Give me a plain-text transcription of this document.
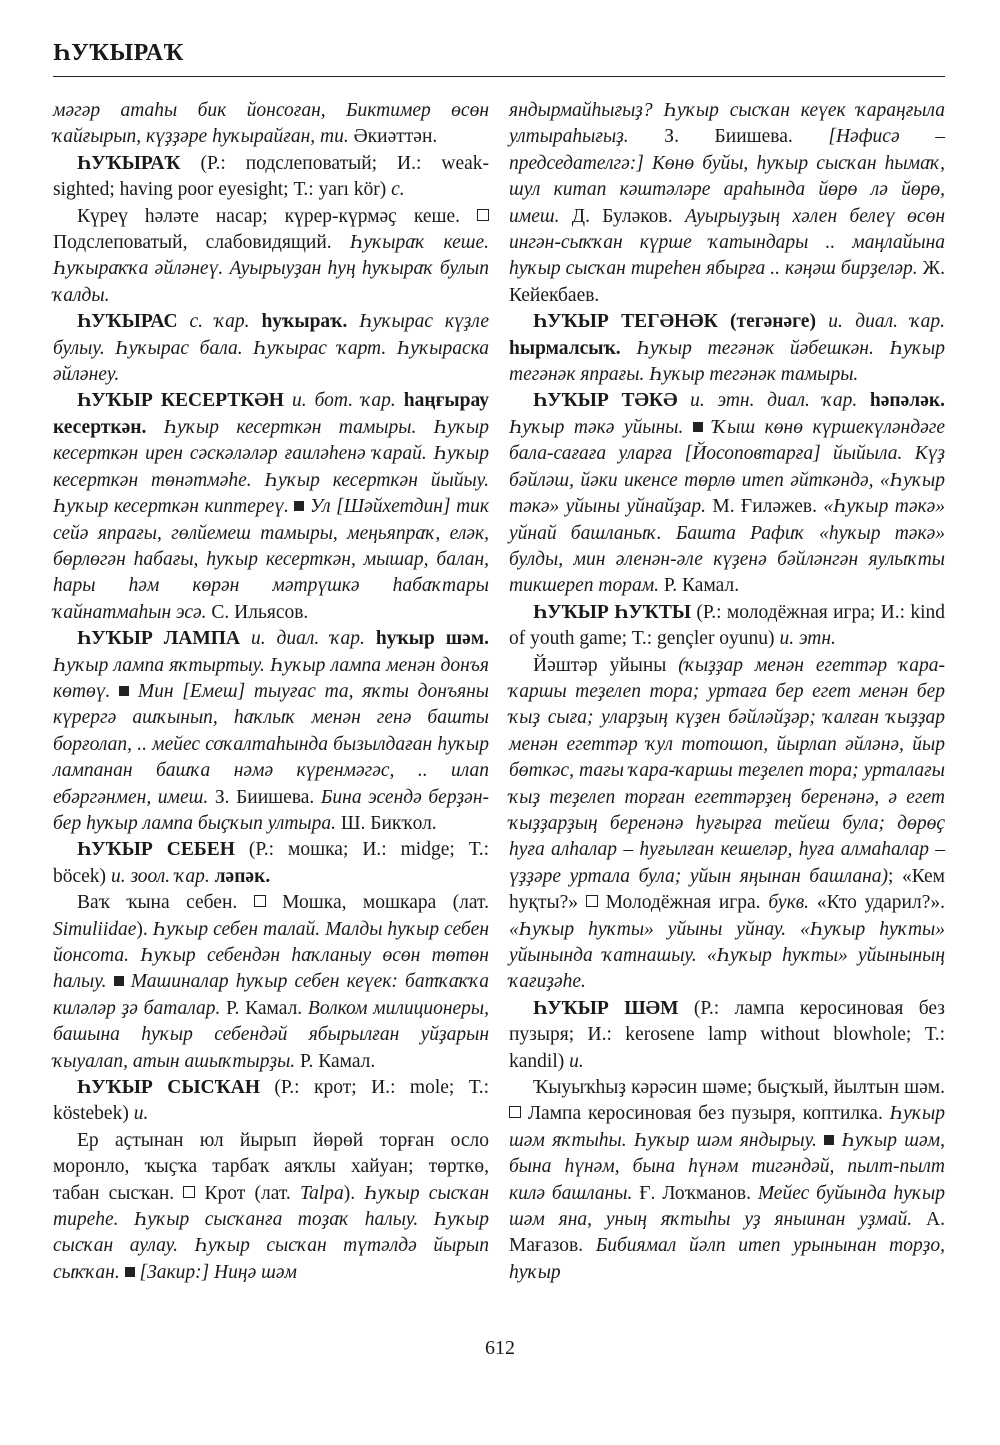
ҺУҠЫРАҠ

мәгәр атаһы бик йонсоған, Биктимер өсөн ҡайғырып, күҙҙәре һуҡырайған, ти. Әкиәттән.

ҺУҠЫРАҠ (Р.: подслеповатый; И.: weak-sighted; having poor eyesight; Т.: yarı kör) с.

Күреү һәләте насар; күрер-күрмәҫ кеше.  Подслеповатый, слабовидящий. Һуҡыраҡ кеше. Һуҡыраҡҡа әйләнеү. Ауырыуҙан һуң һуҡыраҡ булып ҡалды.

ҺУҠЫРАС с. ҡар. һуҡыраҡ. Һуҡырас күҙле булыу. Һуҡырас бала. Һуҡырас ҡарт. Һуҡыраска әйләнеу.

ҺУҠЫР КЕСЕРТКӘН и. бот. ҡар. һаңғырау кесерткән. Һуҡыр кесерткән тамыры. Һуҡыр кесерткән ирен сәскәләләр ғаиләһенә ҡарай. Һуҡыр кесерткән төнәтмәһе. Һуҡыр кесерткән йыйыу. Һуҡыр кесерткән киптереү. Ул [Шәйхетдин] тик сейә япрағы, гөлйемеш тамыры, меңьяпраҡ, еләк, бөрлөгән һабағы, һуҡыр кесерткән, мышар, балан, һары һәм көрән мәтрүшкә һабаҡтары ҡайнатмаһын эсә. С. Ильясов.

ҺУҠЫР ЛАМПА и. диал. ҡар. һуҡыр шәм. Һуҡыр лампа яҡтыртыу. Һуҡыр лампа менән донъя көтөү. Мин [Емеш] тыуғас та, яҡты донъяны күрергә ашҡынып, һаҡлыҡ менән генә башты борғолап, .. мейес соҡалтаһында бызылдаған һуҡыр лампанан башҡа нәмә күренмәгәс, .. илап ебәргәнмен, имеш. З. Биишева. Бина эсендә берҙән-бер һуҡыр лампа быҫҡып ултыра. Ш. Бикҡол.

ҺУҠЫР СЕБЕН (Р.: мошка; И.: midge; Т.: böcek) и. зоол. ҡар. ләпәк.

Ваҡ ҡына себен.  Мошка, мошкара (лат. Simuliidae). Һуҡыр себен талай. Малды һуҡыр себен йонсота. Һуҡыр себендән һаҡланыу өсөн төтөн һалыу. Машиналар һуҡыр себен кеүек: батҡаҡҡа киләләр ҙә баталар. Р. Камал. Волком милиционеры, башына һуҡыр себендәй ябырылған уйҙарын ҡыуалап, атын ашыҡтырҙы. Р. Камал.

ҺУҠЫР СЫСҠАН (Р.: крот; И.: mole; Т.: köstebek) и.

Ер аҫтынан юл йырып йөрөй торған осло моронло, ҡыҫҡа тарбаҡ аяҡлы хайуан; төрткө, табан сысҡан.  Крот (лат. Talpa). Һуҡыр сысҡан тиреһе. Һуҡыр сысҡанға тоҙаҡ һалыу. Һуҡыр сысҡан аулау. Һуҡыр сысҡан түтәлдә йырып сыҡҡан. [Закир:] Ниңә шәм

яндырмайһығыҙ? Һуҡыр сысҡан кеүек ҡараңғыла ултыраһығыҙ. З. Биишева. [Нәфисә – председателгә:] Көнө буйы, һуҡыр сысҡан һымаҡ, шул китап кәштәләре араһында йөрө лә йөрө, имеш. Д. Буләков. Ауырыуҙың хәлен белеү өсөн ингән-сыҡҡан күрше ҡатындары .. маңлайына һуҡыр сысҡан тиреһен ябырға .. кәңәш бирҙеләр. Ж. Кейекбаев.

ҺУҠЫР ТЕГӘНӘК (тегәнәге) и. диал. ҡар. һырмалсыҡ. Һуҡыр тегәнәк йәбешкән. Һуҡыр тегәнәк япрағы. Һуҡыр тегәнәк тамыры.

ҺУҠЫР ТӘКӘ и. этн. диал. ҡар. һәпәләк. Һуҡыр тәкә уйыны. Ҡыш көнө күршекүләндәге бала-сағаға уларға [Йосоповтарға] йыйыла. Күҙ бәйләш, йәки икенсе төрлө итеп әйткәндә, «Һуҡыр тәкә» уйыны уйнайҙар. М. Ғиләжев. «Һуҡыр тәкә» уйнай башланыҡ. Башта Рафиҡ «һуҡыр тәкә» булды, мин әленән-әле күҙенә бәйләнгән яулыҡты тикшереп торам. Р. Камал.

ҺУҠЫР ҺУҠТЫ (Р.: молодёжная игра; И.: kind of youth game; Т.: gençler oyunu) и. этн.

Йәштәр уйыны (ҡыҙҙар менән егеттәр ҡара-ҡаршы теҙелеп тора; уртаға бер егет менән бер ҡыҙ сыға; уларҙың күҙен бәйләйҙәр; ҡалған ҡыҙҙар менән егеттәр ҡул тотошоп, йырлап әйләнә, йыр бөткәс, тағы ҡара-ҡаршы теҙелеп тора; урталағы ҡыҙ теҙелеп торған егеттәрҙең беренәнә, ә егет ҡыҙҙарҙың беренәнә һуғырға тейеш була; дөрөҫ һуға алһалар – һуғылған кешеләр, һуға алмаһалар – үҙҙәре уртала була; уйын яңынан башлана); «Кем һуқты?»  Молодёжная игра. букв. «Кто ударил?». «Һуҡыр һуҡты» уйыны уйнау. «Һуҡыр һуҡты» уйынында ҡатнашыу. «Һуҡыр һуҡты» уйынының ҡағиҙәһе.

ҺУҠЫР ШӘМ (Р.: лампа керосиновая без пузыря; И.: kerosene lamp without blowhole; Т.: kandil) и.

Ҡыуыҡһыҙ кәрәсин шәме; быҫҡый, йылтын шәм.  Лампа керосиновая без пузыря, коптилка. Һуҡыр шәм яҡтыһы. Һуҡыр шәм яндырыу. Һуҡыр шәм, бына һүнәм, бына һүнәм тигәндәй, пылт-пылт килә башланы. Ғ. Лоҡманов. Мейес буйында һуҡыр шәм яна, уның яҡтыһы уҙ яныинан уҙмай. А. Мағазов. Бибиямал йәлп итеп урынынан торҙо, һуҡыр

612
